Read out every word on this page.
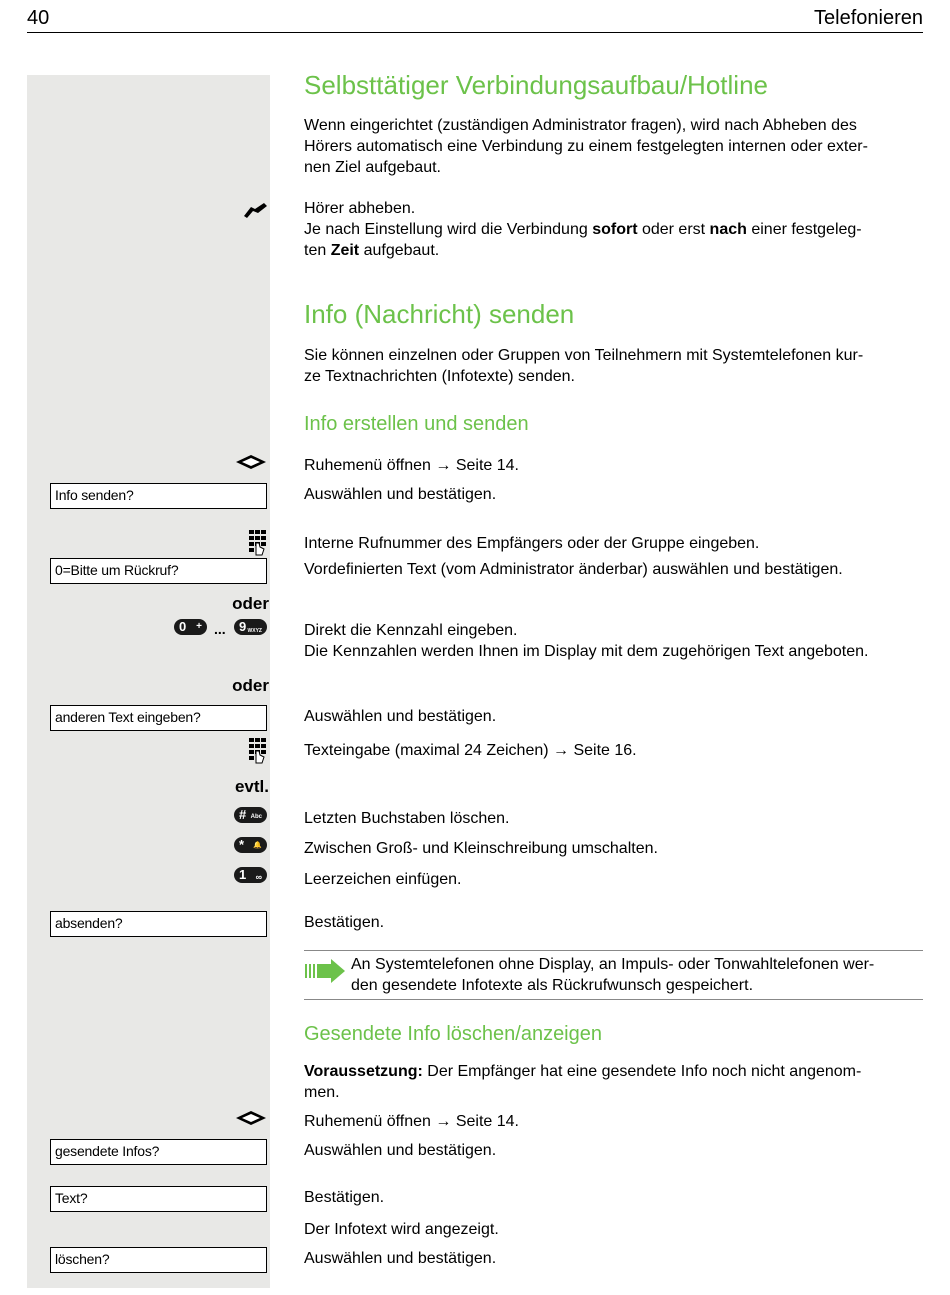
40	Telefonieren
Selbsttätiger Verbindungsaufbau/Hotline
Wenn eingerichtet (zuständigen Administrator fragen), wird nach Abheben des
Hörers automatisch eine Verbindung zu einem festgelegten internen oder exter-
nen Ziel aufgebaut.
Hörer abheben.
Je nach Einstellung wird die Verbindung sofort oder erst nach einer festgeleg-
ten Zeit aufgebaut.
Info (Nachricht) senden
Sie können einzelnen oder Gruppen von Teilnehmern mit Systemtelefonen kur-
ze Textnachrichten (Infotexte) senden.
Info erstellen und senden
Ruhemenü öffnen → Seite 14.
Info senden?	Auswählen und bestätigen.
Interne Rufnummer des Empfängers oder der Gruppe eingeben.
0=Bitte um Rückruf?	Vordefinierten Text (vom Administrator änderbar) auswählen und bestätigen.
oder
0 + ... 9 WXYZ	Direkt die Kennzahl eingeben.
Die Kennzahlen werden Ihnen im Display mit dem zugehörigen Text angeboten.
oder
anderen Text eingeben?	Auswählen und bestätigen.
Texteingabe (maximal 24 Zeichen) → Seite 16.
evtl.
# Abc	Letzten Buchstaben löschen.
* 🔔	Zwischen Groß- und Kleinschreibung umschalten.
1 ∞	Leerzeichen einfügen.
absenden?	Bestätigen.
An Systemtelefonen ohne Display, an Impuls- oder Tonwahltelefonen wer-
den gesendete Infotexte als Rückrufwunsch gespeichert.
Gesendete Info löschen/anzeigen
Voraussetzung: Der Empfänger hat eine gesendete Info noch nicht angenom-
men.
Ruhemenü öffnen → Seite 14.
gesendete Infos?	Auswählen und bestätigen.
Text?	Bestätigen.
Der Infotext wird angezeigt.
löschen?	Auswählen und bestätigen.
